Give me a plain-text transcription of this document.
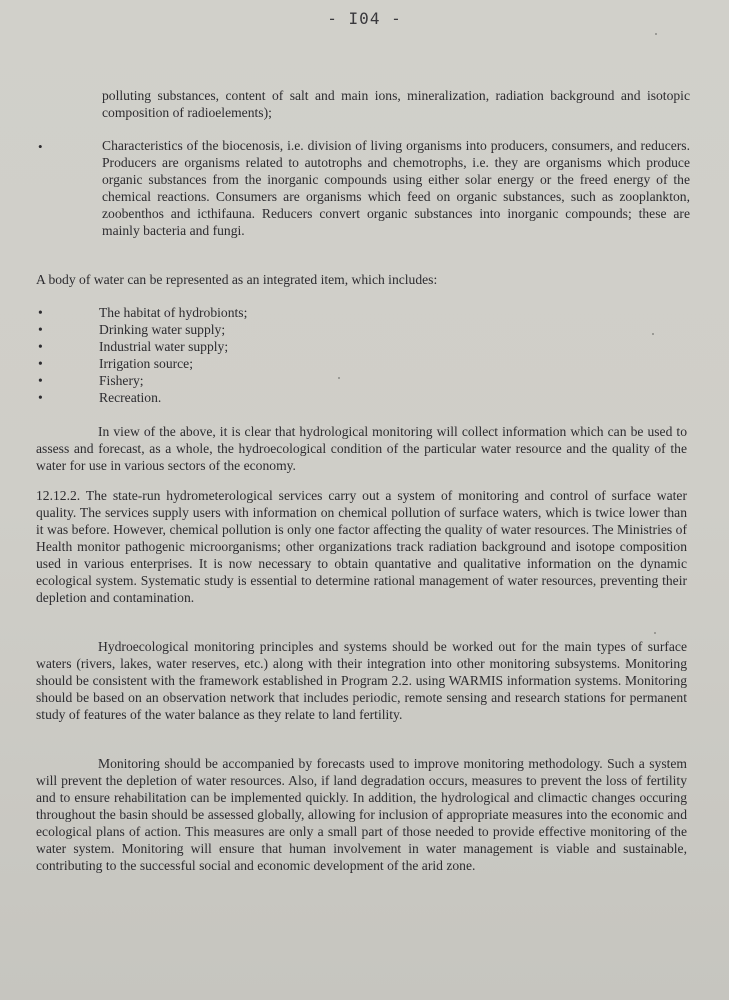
- I04 -

polluting substances, content of salt and main ions, mineralization, radiation background and isotopic composition of radioelements);

•	Characteristics of the biocenosis, i.e. division of living organisms into producers, consumers, and reducers. Producers are organisms related to autotrophs and chemotrophs, i.e. they are organisms which produce organic substances from the inorganic compounds using either solar energy or the freed energy of the chemical reactions. Consumers are organisms which feed on organic substances, such as zooplankton, zoobenthos and icthifauna. Reducers convert organic substances into inorganic compounds; these are mainly bacteria and fungi.

A body of water can be represented as an integrated item, which includes:

•	The habitat of hydrobionts;
•	Drinking water supply;
•	Industrial water supply;
•	Irrigation source;
•	Fishery;
•	Recreation.

In view of the above, it is clear that hydrological monitoring will collect information which can be used to assess and forecast, as a whole, the hydroecological condition of the particular water resource and the quality of the water for use in various sectors of the economy.

12.12.2. The state-run hydrometerological services carry out a system of monitoring and control of surface water quality. The services supply users with information on chemical pollution of surface waters, which is twice lower than it was before. However, chemical pollution is only one factor affecting the quality of water resources. The Ministries of Health monitor pathogenic microorganisms; other organizations track radiation background and isotope composition used in various enterprises. It is now necessary to obtain quantative and qualitative information on the dynamic ecological system. Systematic study is essential to determine rational management of water resources, preventing their depletion and contamination.

Hydroecological monitoring principles and systems should be worked out for the main types of surface waters (rivers, lakes, water reserves, etc.) along with their integration into other monitoring subsystems. Monitoring should be consistent with the framework established in Program 2.2. using WARMIS information systems. Monitoring should be based on an observation network that includes periodic, remote sensing and research stations for permanent study of features of the water balance as they relate to land fertility.

Monitoring should be accompanied by forecasts used to improve monitoring methodology. Such a system will prevent the depletion of water resources. Also, if land degradation occurs, measures to prevent the loss of fertility and to ensure rehabilitation can be implemented quickly. In addition, the hydrological and climactic changes occuring throughout the basin should be assessed globally, allowing for inclusion of appropriate measures into the economic and ecological plans of action. This measures are only a small part of those needed to provide effective monitoring of the water system. Monitoring will ensure that human involvement in water management is viable and sustainable, contributing to the successful social and economic development of the arid zone.
